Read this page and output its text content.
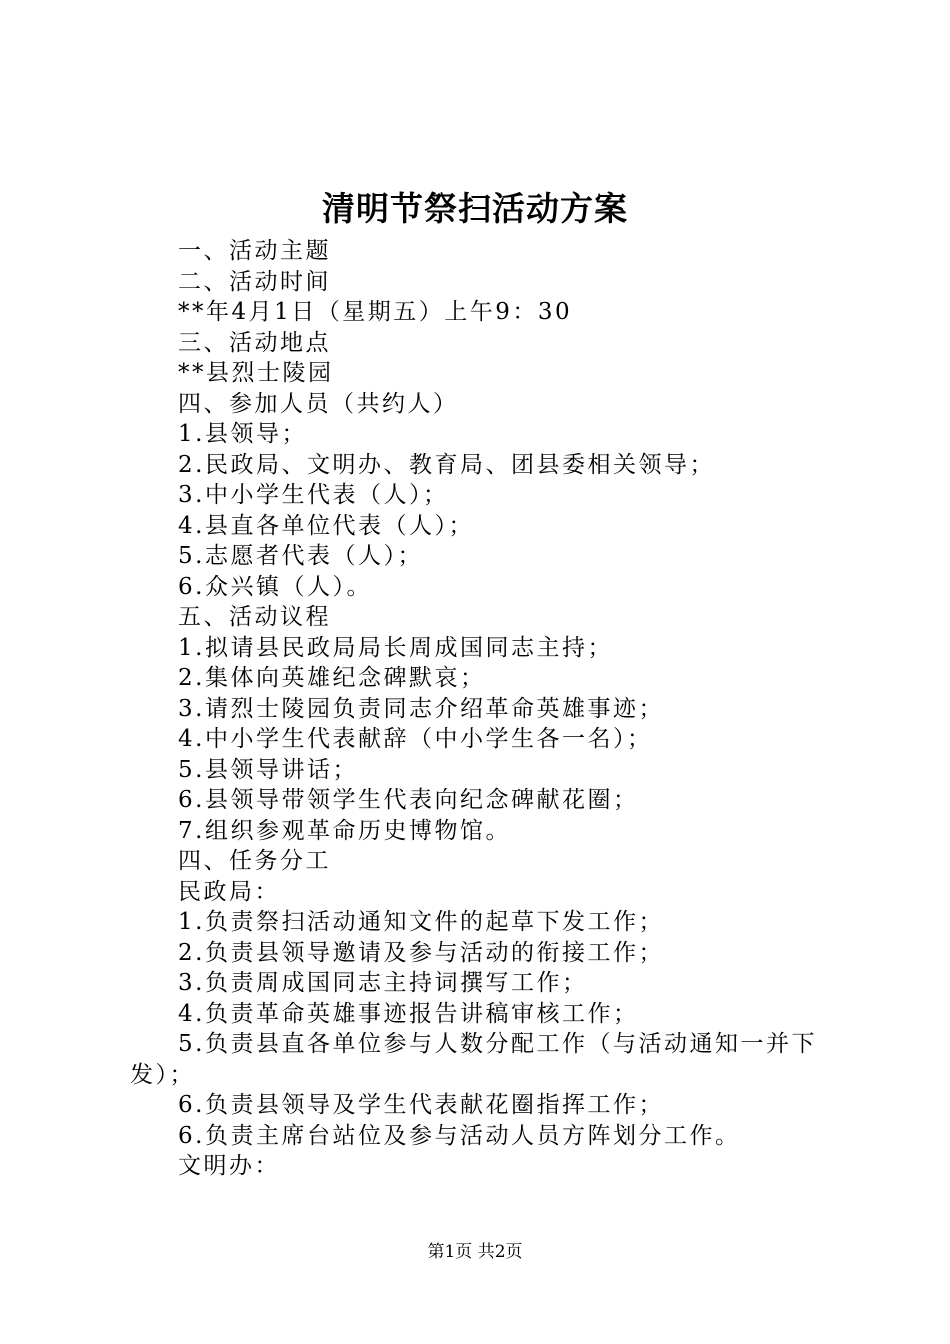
清明节祭扫活动方案
一、活动主题
二、活动时间
**年4月1日（星期五）上午9：30
三、活动地点
**县烈士陵园
四、参加人员（共约人）
1.县领导；
2.民政局、文明办、教育局、团县委相关领导；
3.中小学生代表（人）；
4.县直各单位代表（人）；
5.志愿者代表（人）；
6.众兴镇（人）。
五、活动议程
1.拟请县民政局局长周成国同志主持；
2.集体向英雄纪念碑默哀；
3.请烈士陵园负责同志介绍革命英雄事迹；
4.中小学生代表献辞（中小学生各一名）；
5.县领导讲话；
6.县领导带领学生代表向纪念碑献花圈；
7.组织参观革命历史博物馆。
四、任务分工
民政局：
1.负责祭扫活动通知文件的起草下发工作；
2.负责县领导邀请及参与活动的衔接工作；
3.负责周成国同志主持词撰写工作；
4.负责革命英雄事迹报告讲稿审核工作；
5.负责县直各单位参与人数分配工作（与活动通知一并下
发）；
6.负责县领导及学生代表献花圈指挥工作；
6.负责主席台站位及参与活动人员方阵划分工作。
文明办：
第1页 共2页
